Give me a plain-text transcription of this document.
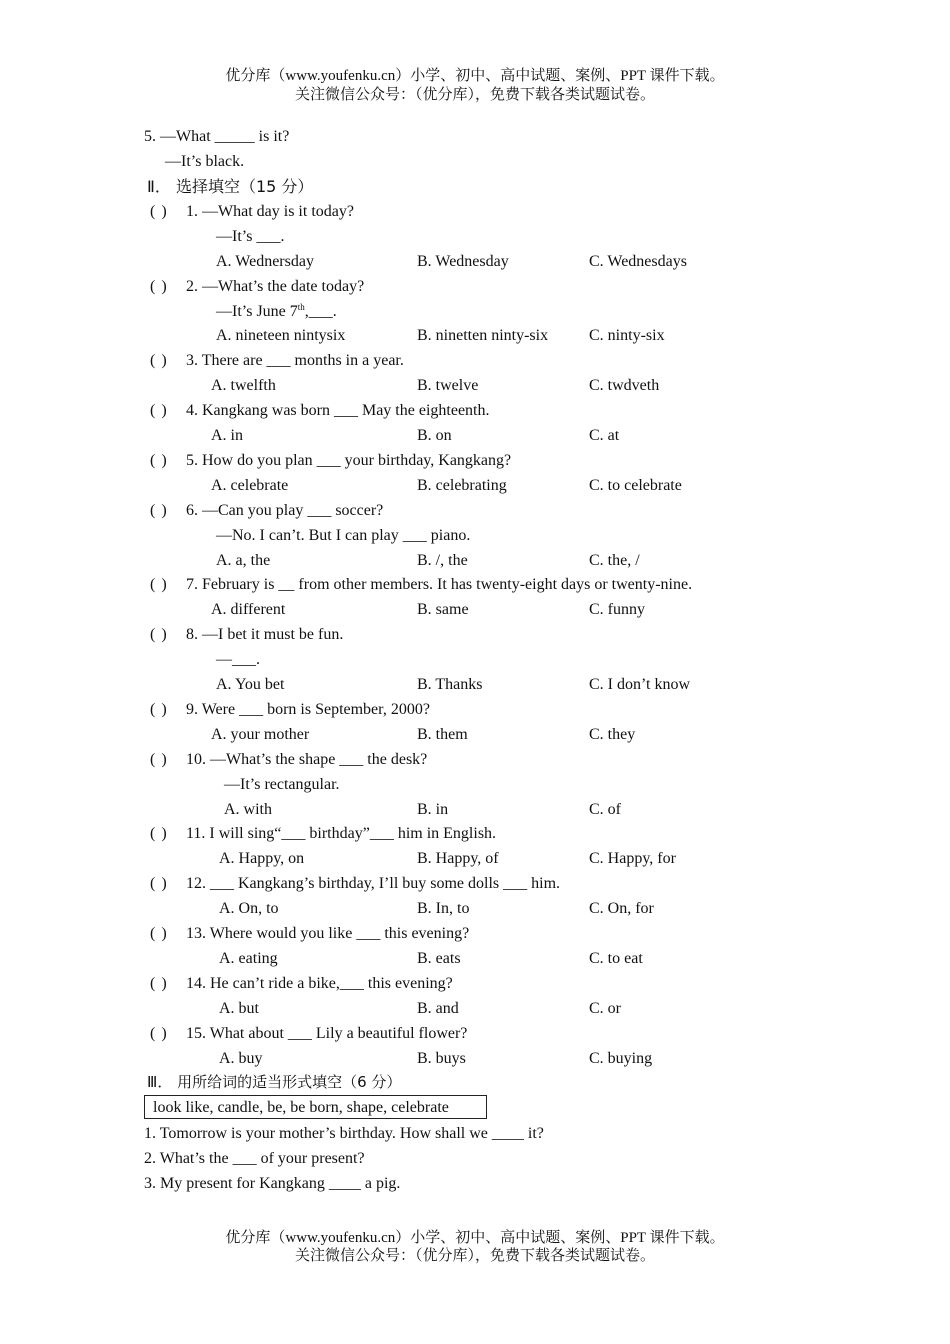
优分库（www.youfenku.cn）小学、初中、高中试题、案例、PPT 课件下载。
关注微信公众号：（优分库），免费下载各类试题试卷。
5. —What _____ is it?
—It’s black.
Ⅱ． 选择填空（15 分）
( ) 1. —What day is it today?
—It’s ___.
A. Wednersday	B. Wednesday	C. Wednesdays
( ) 2. —What’s the date today?
—It’s June 7th,___.
A. nineteen nintysix	B. ninetten ninty-six	C. ninty-six
( ) 3. There are ___ months in a year.
A. twelfth	B. twelve	C. twdveth
( ) 4. Kangkang was born ___ May the eighteenth.
A. in	B. on	C. at
( ) 5. How do you plan ___ your birthday, Kangkang?
A. celebrate	B. celebrating	C. to celebrate
( ) 6. —Can you play ___ soccer?
—No. I can’t. But I can play ___ piano.
A. a, the	B. /, the	C. the, /
( ) 7. February is __ from other members. It has twenty-eight days or twenty-nine.
A. different	B. same	C. funny
( ) 8. —I bet it must be fun.
—___.
A. You bet	B. Thanks	C. I don’t know
( ) 9. Were ___ born is September, 2000?
A. your mother	B. them	C. they
( ) 10. —What’s the shape ___ the desk?
—It’s rectangular.
A. with	B. in	C. of
( ) 11. I will sing“___ birthday”___ him in English.
A. Happy, on	B. Happy, of	C. Happy, for
( ) 12. ___ Kangkang’s birthday, I’ll buy some dolls ___ him.
A. On, to	B. In, to	C. On, for
( ) 13. Where would you like ___ this evening?
A. eating	B. eats	C. to eat
( ) 14. He can’t ride a bike,___ this evening?
A. but	B. and	C. or
( ) 15. What about ___ Lily a beautiful flower?
A. buy	B. buys	C. buying
Ⅲ． 用所给词的适当形式填空（6 分）
look like, candle, be, be born, shape, celebrate
1. Tomorrow is your mother’s birthday. How shall we ____ it?
2. What’s the ___ of your present?
3. My present for Kangkang ____ a pig.
优分库（www.youfenku.cn）小学、初中、高中试题、案例、PPT 课件下载。
关注微信公众号：（优分库），免费下载各类试题试卷。
